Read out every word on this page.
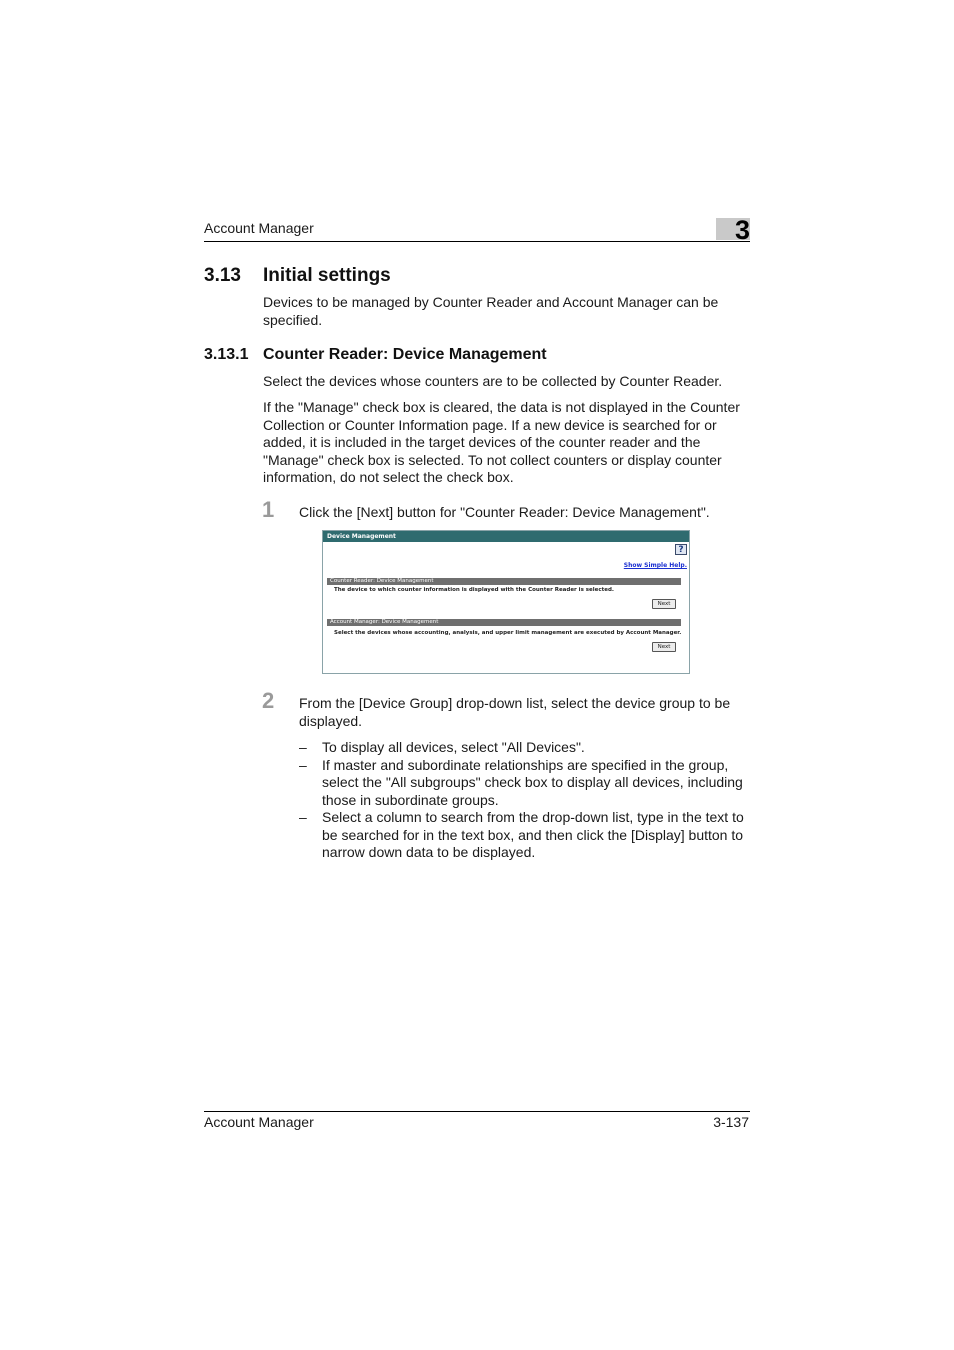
Account Manager	3
3.13 Initial settings
Devices to be managed by Counter Reader and Account Manager can be specified.
3.13.1 Counter Reader: Device Management
Select the devices whose counters are to be collected by Counter Reader.
If the "Manage" check box is cleared, the data is not displayed in the Counter Collection or Counter Information page. If a new device is searched for or added, it is included in the target devices of the counter reader and the "Manage" check box is selected. To not collect counters or display counter information, do not select the check box.
1 Click the [Next] button for "Counter Reader: Device Management".
Device Management
?
Show Simple Help.
Counter Reader: Device Management
The device to which counter information is displayed with the Counter Reader is selected.
Next
Account Manager: Device Management
Select the devices whose accounting, analysis, and upper limit management are executed by Account Manager.
Next
2 From the [Device Group] drop-down list, select the device group to be displayed.
– To display all devices, select "All Devices".
– If master and subordinate relationships are specified in the group, select the "All subgroups" check box to display all devices, including those in subordinate groups.
– Select a column to search from the drop-down list, type in the text to be searched for in the text box, and then click the [Display] button to narrow down data to be displayed.
Account Manager	3-137
